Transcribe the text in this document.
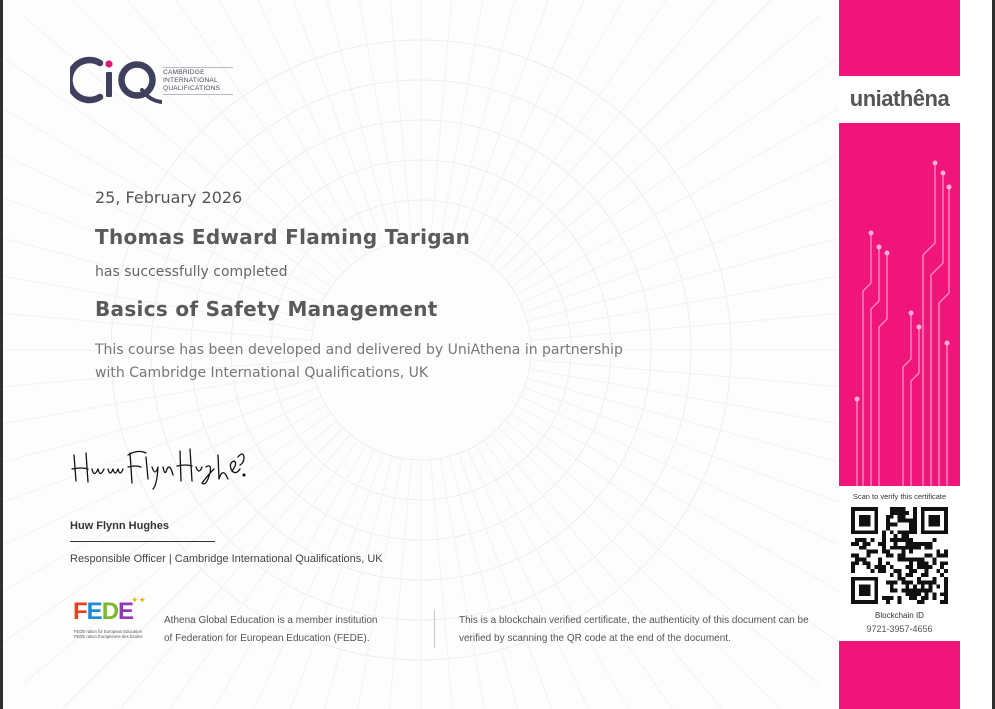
CAMBRIDGE
INTERNATIONAL
QUALIFICATIONS
25, February 2026
Thomas Edward Flaming Tarigan
has successfully completed
Basics of Safety Management
This course has been developed and delivered by UniAthena in partnership
with Cambridge International Qualifications, UK
Huw Flynn Hughes
Responsible Officer | Cambridge International Qualifications, UK
FEDE
✦✦
FEDE ration for European Education
FEDE ration Européenne des Écoles
Athena Global Education is a member institution
of Federation for European Education (FEDE).
This is a blockchain verified certificate, the authenticity of this document can be
verified by scanning the QR code at the end of the document.
uniathêna
Scan to verify this certificate
Blockchain ID
9721-3957-4656
